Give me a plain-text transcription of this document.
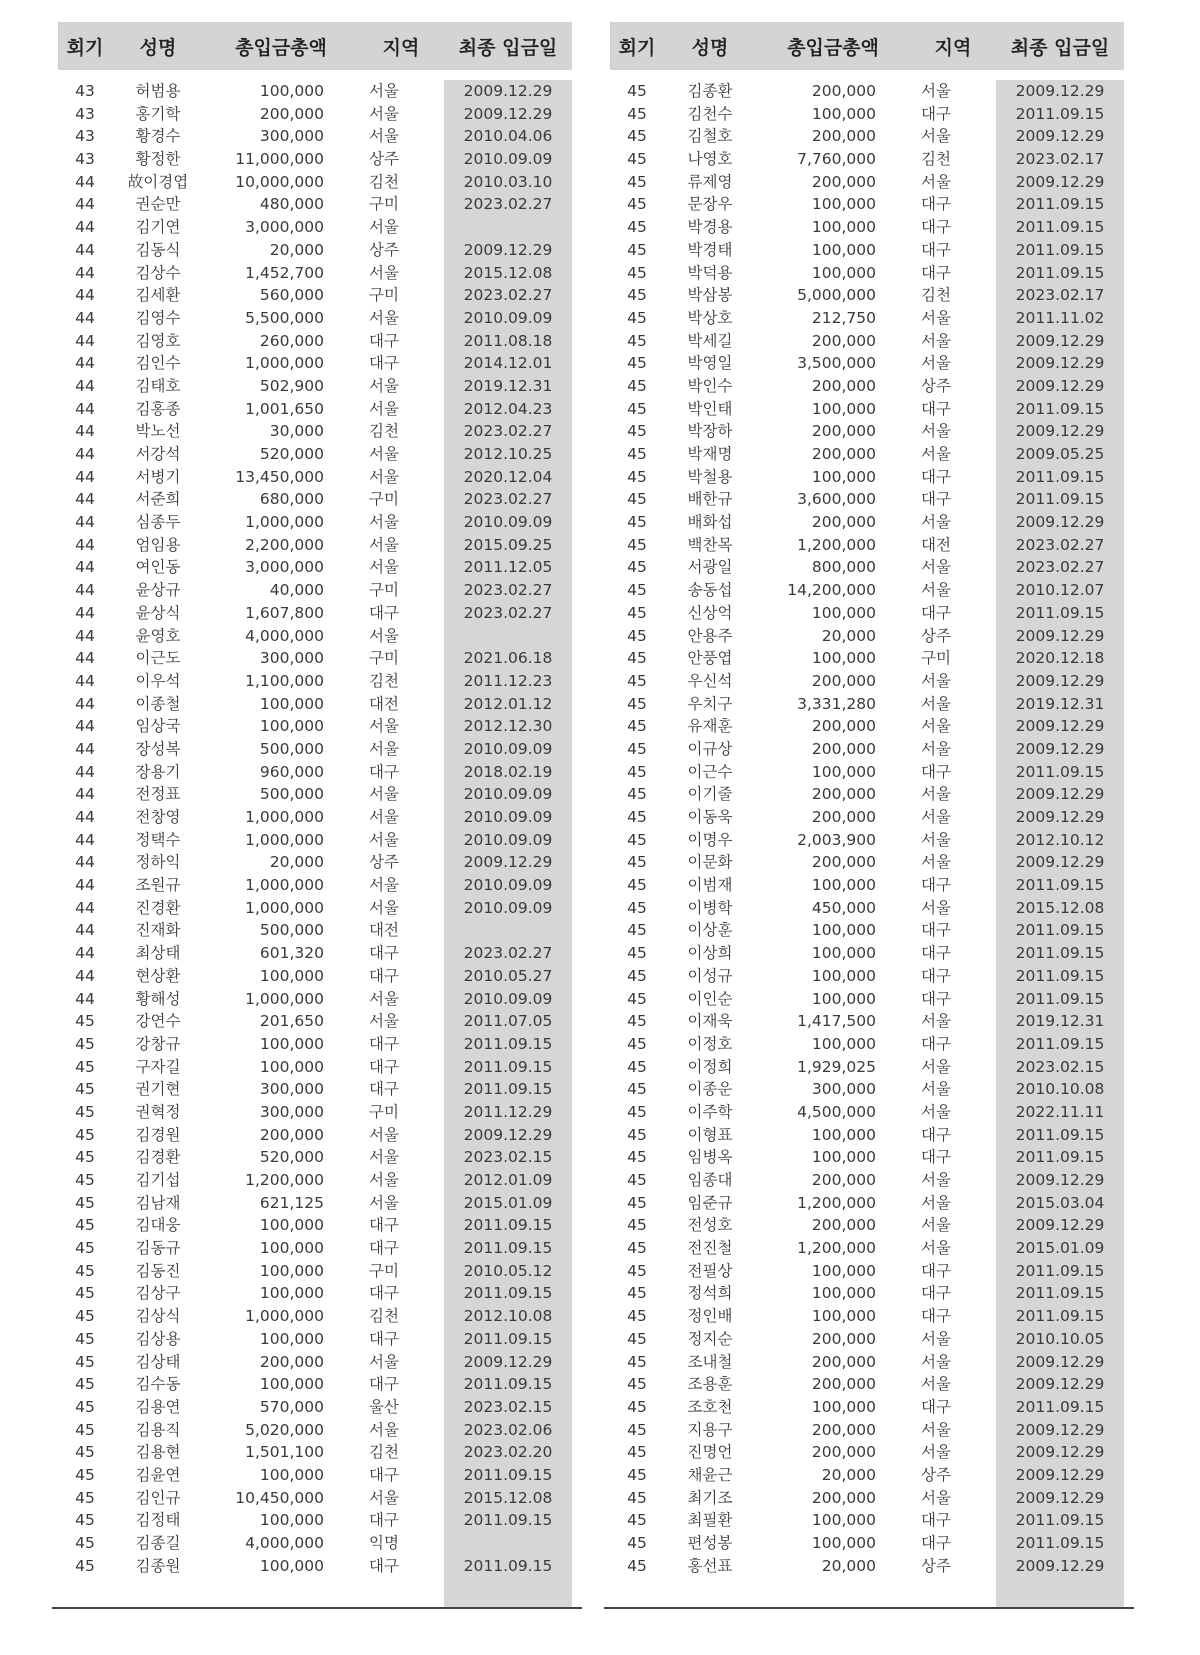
회기	성명	총입금총액	지역	최종 입금일
43	허범용	100,000	서울	2009.12.29
43	홍기학	200,000	서울	2009.12.29
43	황경수	300,000	서울	2010.04.06
43	황정한	11,000,000	상주	2010.09.09
44	故이경엽	10,000,000	김천	2010.03.10
44	권순만	480,000	구미	2023.02.27
44	김기연	3,000,000	서울
44	김동식	20,000	상주	2009.12.29
44	김상수	1,452,700	서울	2015.12.08
44	김세환	560,000	구미	2023.02.27
44	김영수	5,500,000	서울	2010.09.09
44	김영호	260,000	대구	2011.08.18
44	김인수	1,000,000	대구	2014.12.01
44	김태호	502,900	서울	2019.12.31
44	김홍종	1,001,650	서울	2012.04.23
44	박노선	30,000	김천	2023.02.27
44	서강석	520,000	서울	2012.10.25
44	서병기	13,450,000	서울	2020.12.04
44	서준희	680,000	구미	2023.02.27
44	심종두	1,000,000	서울	2010.09.09
44	엄임용	2,200,000	서울	2015.09.25
44	여인동	3,000,000	서울	2011.12.05
44	윤상규	40,000	구미	2023.02.27
44	윤상식	1,607,800	대구	2023.02.27
44	윤영호	4,000,000	서울
44	이근도	300,000	구미	2021.06.18
44	이우석	1,100,000	김천	2011.12.23
44	이종철	100,000	대전	2012.01.12
44	임상국	100,000	서울	2012.12.30
44	장성복	500,000	서울	2010.09.09
44	장용기	960,000	대구	2018.02.19
44	전정표	500,000	서울	2010.09.09
44	전창영	1,000,000	서울	2010.09.09
44	정택수	1,000,000	서울	2010.09.09
44	정하익	20,000	상주	2009.12.29
44	조원규	1,000,000	서울	2010.09.09
44	진경환	1,000,000	서울	2010.09.09
44	진재화	500,000	대전
44	최상태	601,320	대구	2023.02.27
44	현상환	100,000	대구	2010.05.27
44	황해성	1,000,000	서울	2010.09.09
45	강연수	201,650	서울	2011.07.05
45	강창규	100,000	대구	2011.09.15
45	구자길	100,000	대구	2011.09.15
45	권기현	300,000	대구	2011.09.15
45	권혁정	300,000	구미	2011.12.29
45	김경원	200,000	서울	2009.12.29
45	김경환	520,000	서울	2023.02.15
45	김기섭	1,200,000	서울	2012.01.09
45	김남재	621,125	서울	2015.01.09
45	김대웅	100,000	대구	2011.09.15
45	김동규	100,000	대구	2011.09.15
45	김동진	100,000	구미	2010.05.12
45	김상구	100,000	대구	2011.09.15
45	김상식	1,000,000	김천	2012.10.08
45	김상용	100,000	대구	2011.09.15
45	김상태	200,000	서울	2009.12.29
45	김수동	100,000	대구	2011.09.15
45	김용연	570,000	울산	2023.02.15
45	김용직	5,020,000	서울	2023.02.06
45	김용현	1,501,100	김천	2023.02.20
45	김윤연	100,000	대구	2011.09.15
45	김인규	10,450,000	서울	2015.12.08
45	김정태	100,000	대구	2011.09.15
45	김종길	4,000,000	익명
45	김종원	100,000	대구	2011.09.15
회기	성명	총입금총액	지역	최종 입금일
45	김종환	200,000	서울	2009.12.29
45	김천수	100,000	대구	2011.09.15
45	김철호	200,000	서울	2009.12.29
45	나영호	7,760,000	김천	2023.02.17
45	류제영	200,000	서울	2009.12.29
45	문장우	100,000	대구	2011.09.15
45	박경용	100,000	대구	2011.09.15
45	박경태	100,000	대구	2011.09.15
45	박덕용	100,000	대구	2011.09.15
45	박삼봉	5,000,000	김천	2023.02.17
45	박상호	212,750	서울	2011.11.02
45	박세길	200,000	서울	2009.12.29
45	박영일	3,500,000	서울	2009.12.29
45	박인수	200,000	상주	2009.12.29
45	박인태	100,000	대구	2011.09.15
45	박장하	200,000	서울	2009.12.29
45	박재명	200,000	서울	2009.05.25
45	박철용	100,000	대구	2011.09.15
45	배한규	3,600,000	대구	2011.09.15
45	배화섭	200,000	서울	2009.12.29
45	백찬목	1,200,000	대전	2023.02.27
45	서광일	800,000	서울	2023.02.27
45	송동섭	14,200,000	서울	2010.12.07
45	신상억	100,000	대구	2011.09.15
45	안용주	20,000	상주	2009.12.29
45	안풍엽	100,000	구미	2020.12.18
45	우신석	200,000	서울	2009.12.29
45	우치구	3,331,280	서울	2019.12.31
45	유재훈	200,000	서울	2009.12.29
45	이규상	200,000	서울	2009.12.29
45	이근수	100,000	대구	2011.09.15
45	이기줄	200,000	서울	2009.12.29
45	이동욱	200,000	서울	2009.12.29
45	이명우	2,003,900	서울	2012.10.12
45	이문화	200,000	서울	2009.12.29
45	이범재	100,000	대구	2011.09.15
45	이병학	450,000	서울	2015.12.08
45	이상훈	100,000	대구	2011.09.15
45	이상희	100,000	대구	2011.09.15
45	이성규	100,000	대구	2011.09.15
45	이인순	100,000	대구	2011.09.15
45	이재욱	1,417,500	서울	2019.12.31
45	이정호	100,000	대구	2011.09.15
45	이정희	1,929,025	서울	2023.02.15
45	이종운	300,000	서울	2010.10.08
45	이주학	4,500,000	서울	2022.11.11
45	이형표	100,000	대구	2011.09.15
45	임병옥	100,000	대구	2011.09.15
45	임종대	200,000	서울	2009.12.29
45	임준규	1,200,000	서울	2015.03.04
45	전성호	200,000	서울	2009.12.29
45	전진철	1,200,000	서울	2015.01.09
45	전필상	100,000	대구	2011.09.15
45	정석희	100,000	대구	2011.09.15
45	정인배	100,000	대구	2011.09.15
45	정지순	200,000	서울	2010.10.05
45	조내철	200,000	서울	2009.12.29
45	조용훈	200,000	서울	2009.12.29
45	조호천	100,000	대구	2011.09.15
45	지용구	200,000	서울	2009.12.29
45	진명언	200,000	서울	2009.12.29
45	채윤근	20,000	상주	2009.12.29
45	최기조	200,000	서울	2009.12.29
45	최필환	100,000	대구	2011.09.15
45	편성봉	100,000	대구	2011.09.15
45	홍선표	20,000	상주	2009.12.29
